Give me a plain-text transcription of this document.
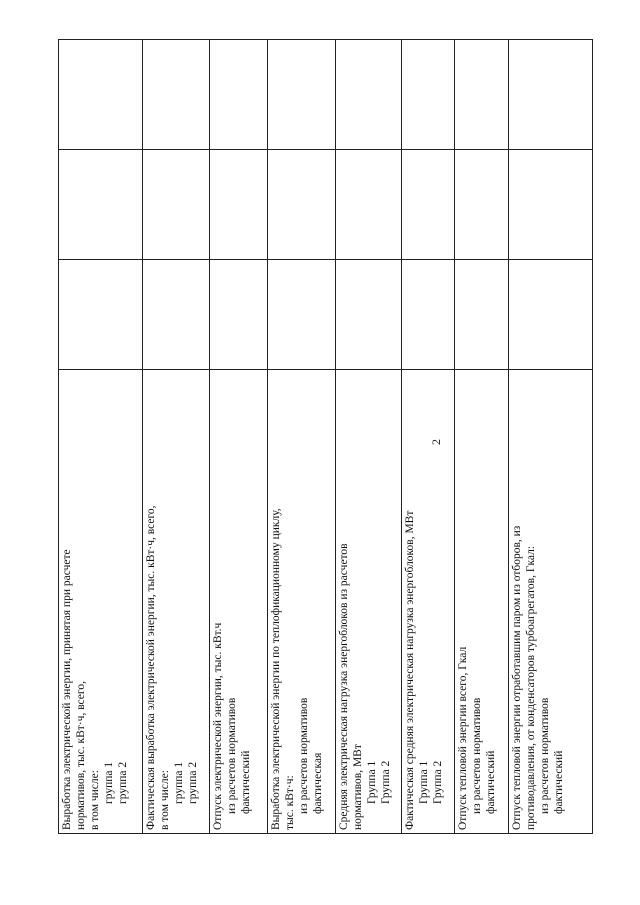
2
Выработка электрической энергии, принятая при расчете нормативов, тыс. кВт·ч, всего, в том числе: группа 1 группа 2			

Фактическая выработка электрической энергии, тыс. кВт·ч, всего, в том числе: группа 1 группа 2			

Отпуск электрической энергии, тыс. кВт.ч из расчетов нормативов фактический			

Выработка электрической энергии по теплофикационному циклу, тыс. кВт·ч: из расчетов нормативов фактическая			

Средняя электрическая нагрузка энергоблоков из расчетов нормативов, МВт Группа 1 Группа 2			

Фактическая средняя электрическая нагрузка энергоблоков, МВт Группа 1 Группа 2			

Отпуск тепловой энергии всего, Гкал из расчетов нормативов фактический			

Отпуск тепловой энергии отработавшим паром из отборов, из противодавления, от конденсаторов турбоагрегатов, Гкал: из расчетов нормативов фактический			
